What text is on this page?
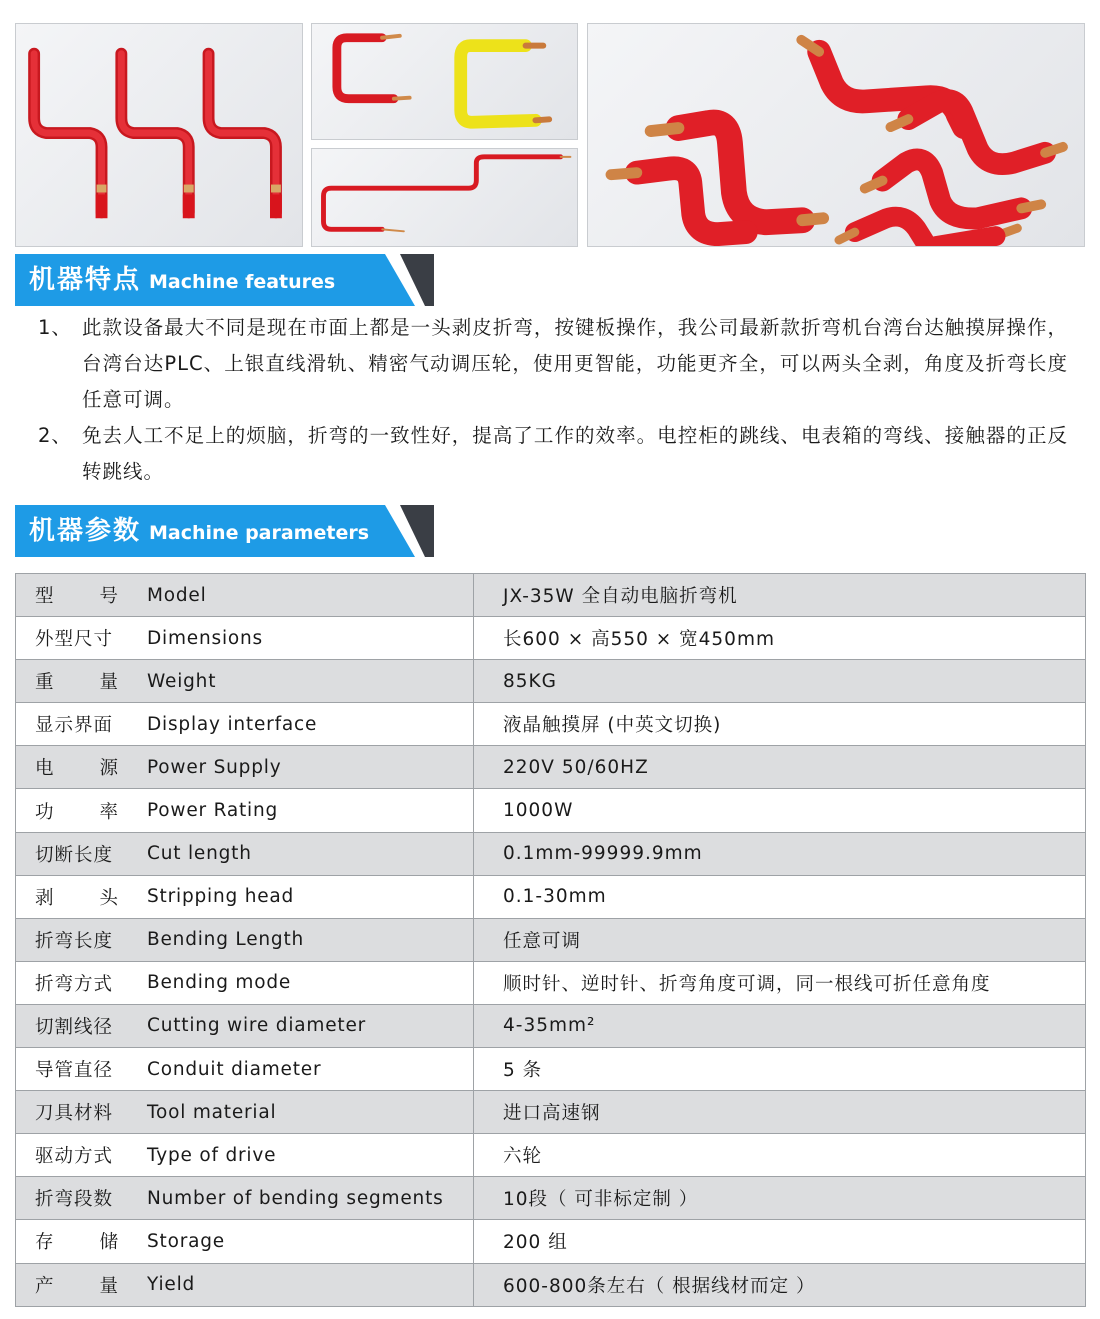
机器特点 Machine features
1、 此款设备最大不同是现在市面上都是一头剥皮折弯，按键板操作，我公司最新款折弯机台湾台达触摸屏操作，台湾台达PLC、上银直线滑轨、精密气动调压轮，使用更智能，功能更齐全，可以两头全剥，角度及折弯长度任意可调。
2、 免去人工不足上的烦脑，折弯的一致性好，提高了工作的效率。电控柜的跳线、电表箱的弯线、接触器的正反转跳线。
机器参数 Machine parameters
型 号	Model	JX-35W 全自动电脑折弯机
外型尺寸	Dimensions	长600 × 高550 × 宽450mm
重 量	Weight	85KG
显示界面	Display interface	液晶触摸屏 (中英文切换)
电 源	Power Supply	220V 50/60HZ
功 率	Power Rating	1000W
切断长度	Cut length	0.1mm-99999.9mm
剥 头	Stripping head	0.1-30mm
折弯长度	Bending Length	任意可调
折弯方式	Bending mode	顺时针、逆时针、折弯角度可调，同一根线可折任意角度
切割线径	Cutting wire diameter	4-35mm²
导管直径	Conduit diameter	5 条
刀具材料	Tool material	进口高速钢
驱动方式	Type of drive	六轮
折弯段数	Number of bending segments	10段（ 可非标定制 ）
存 储	Storage	200 组
产 量	Yield	600-800条左右（ 根据线材而定 ）
